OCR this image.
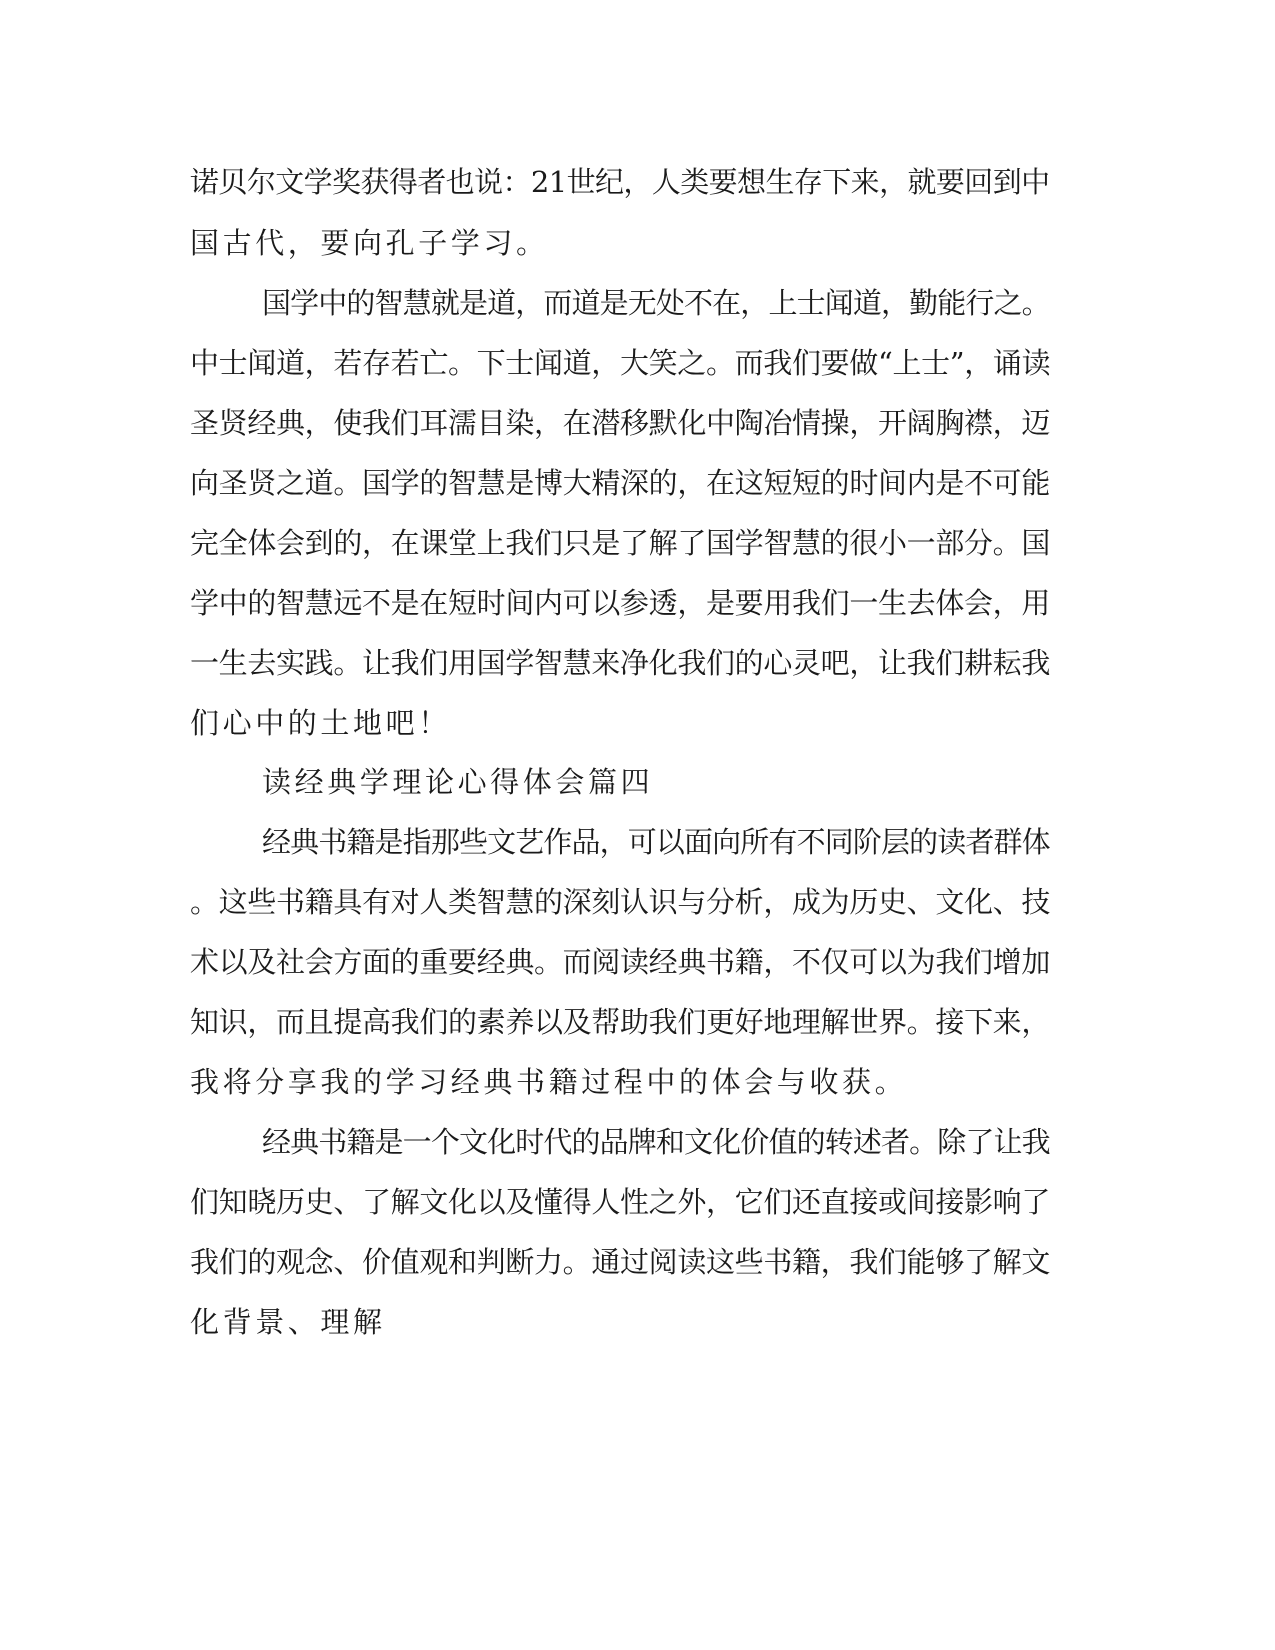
诺贝尔文学奖获得者也说：21世纪，人类要想生存下来，就要回到中
国古代，要向孔子学习。
国学中的智慧就是道，而道是无处不在，上士闻道，勤能行之。
中士闻道，若存若亡。下士闻道，大笑之。而我们要做“上士”，诵读
圣贤经典，使我们耳濡目染，在潜移默化中陶冶情操，开阔胸襟，迈
向圣贤之道。国学的智慧是博大精深的，在这短短的时间内是不可能
完全体会到的，在课堂上我们只是了解了国学智慧的很小一部分。国
学中的智慧远不是在短时间内可以参透，是要用我们一生去体会，用
一生去实践。让我们用国学智慧来净化我们的心灵吧，让我们耕耘我
们心中的土地吧！
读经典学理论心得体会篇四
经典书籍是指那些文艺作品，可以面向所有不同阶层的读者群体
。这些书籍具有对人类智慧的深刻认识与分析，成为历史、文化、技
术以及社会方面的重要经典。而阅读经典书籍，不仅可以为我们增加
知识，而且提高我们的素养以及帮助我们更好地理解世界。接下来，
我将分享我的学习经典书籍过程中的体会与收获。
经典书籍是一个文化时代的品牌和文化价值的转述者。除了让我
们知晓历史、了解文化以及懂得人性之外，它们还直接或间接影响了
我们的观念、价值观和判断力。通过阅读这些书籍，我们能够了解文
化背景、理解
